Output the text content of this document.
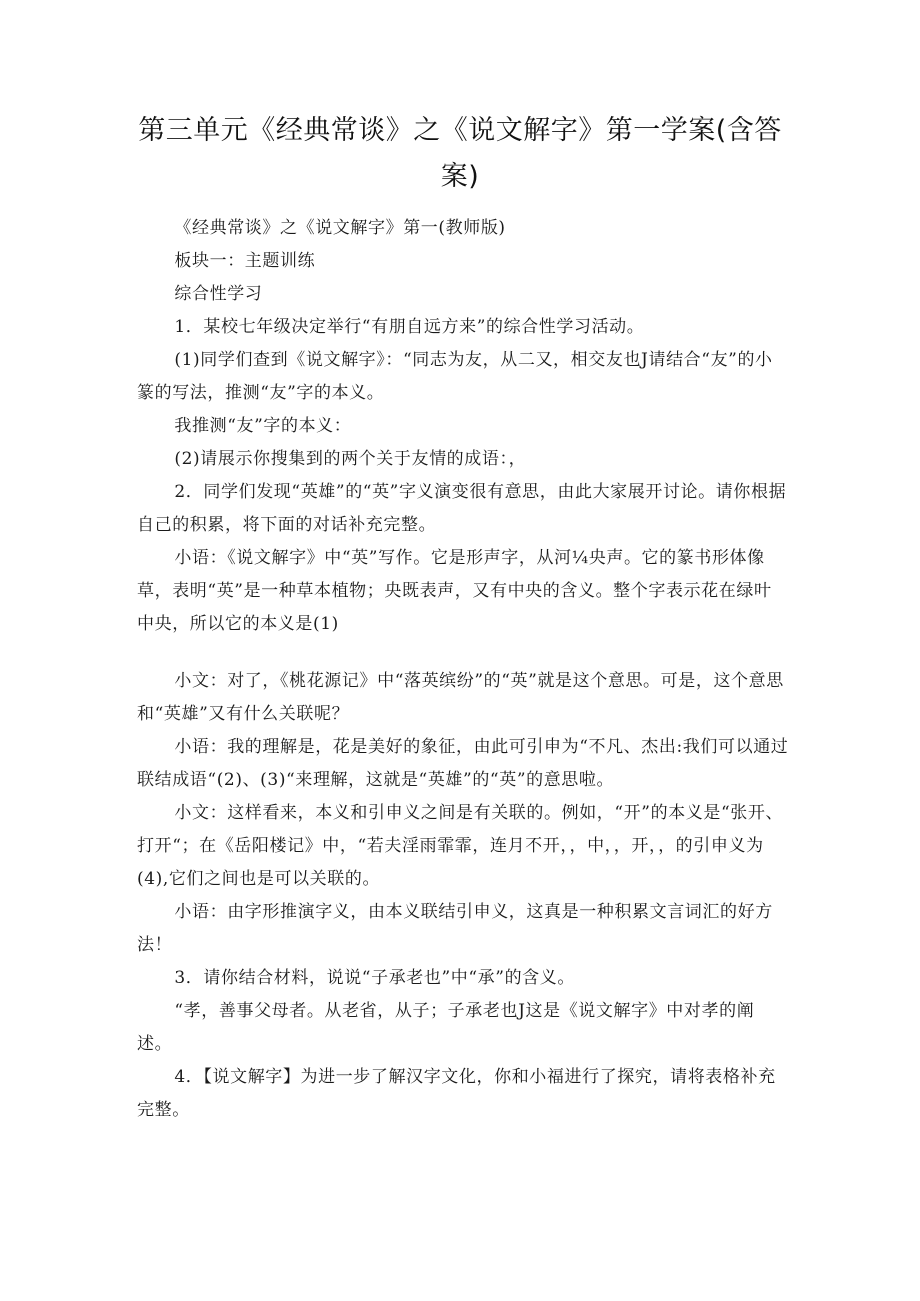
第三单元《经典常谈》之《说文解字》第一学案(含答案)

《经典常谈》之《说文解字》第一(教师版)

板块一：主题训练

综合性学习

1．某校七年级决定举行“有朋自远方来”的综合性学习活动。

(1)同学们查到《说文解字》：“同志为友，从二又，相交友也J请结合“友”的小篆的写法，推测“友”字的本义。

我推测“友”字的本义：

(2)请展示你搜集到的两个关于友情的成语：，

2．同学们发现“英雄”的“英”字义演变很有意思，由此大家展开讨论。请你根据自己的积累，将下面的对话补充完整。

小语：《说文解字》中“英”写作。它是形声字，从河¼央声。它的篆书形体像草，表明“英”是一种草本植物；央既表声，又有中央的含义。整个字表示花在绿叶中央，所以它的本义是(1)

小文：对了，《桃花源记》中“落英缤纷”的“英”就是这个意思。可是，这个意思和“英雄”又有什么关联呢？

小语：我的理解是，花是美好的象征，由此可引申为“不凡、杰出:我们可以通过联结成语“(2)、(3)“来理解，这就是“英雄”的“英”的意思啦。

小文：这样看来，本义和引申义之间是有关联的。例如，“开”的本义是“张开、打开“；在《岳阳楼记》中，“若夫淫雨霏霏，连月不开，，中，，开，，的引申义为(4),它们之间也是可以关联的。

小语：由字形推演字义，由本义联结引申义，这真是一种积累文言词汇的好方法！

3．请你结合材料，说说“子承老也”中“承”的含义。

“孝，善事父母者。从老省，从子；子承老也J这是《说文解字》中对孝的阐述。

4．【说文解字】为进一步了解汉字文化，你和小福进行了探究，请将表格补充完整。
